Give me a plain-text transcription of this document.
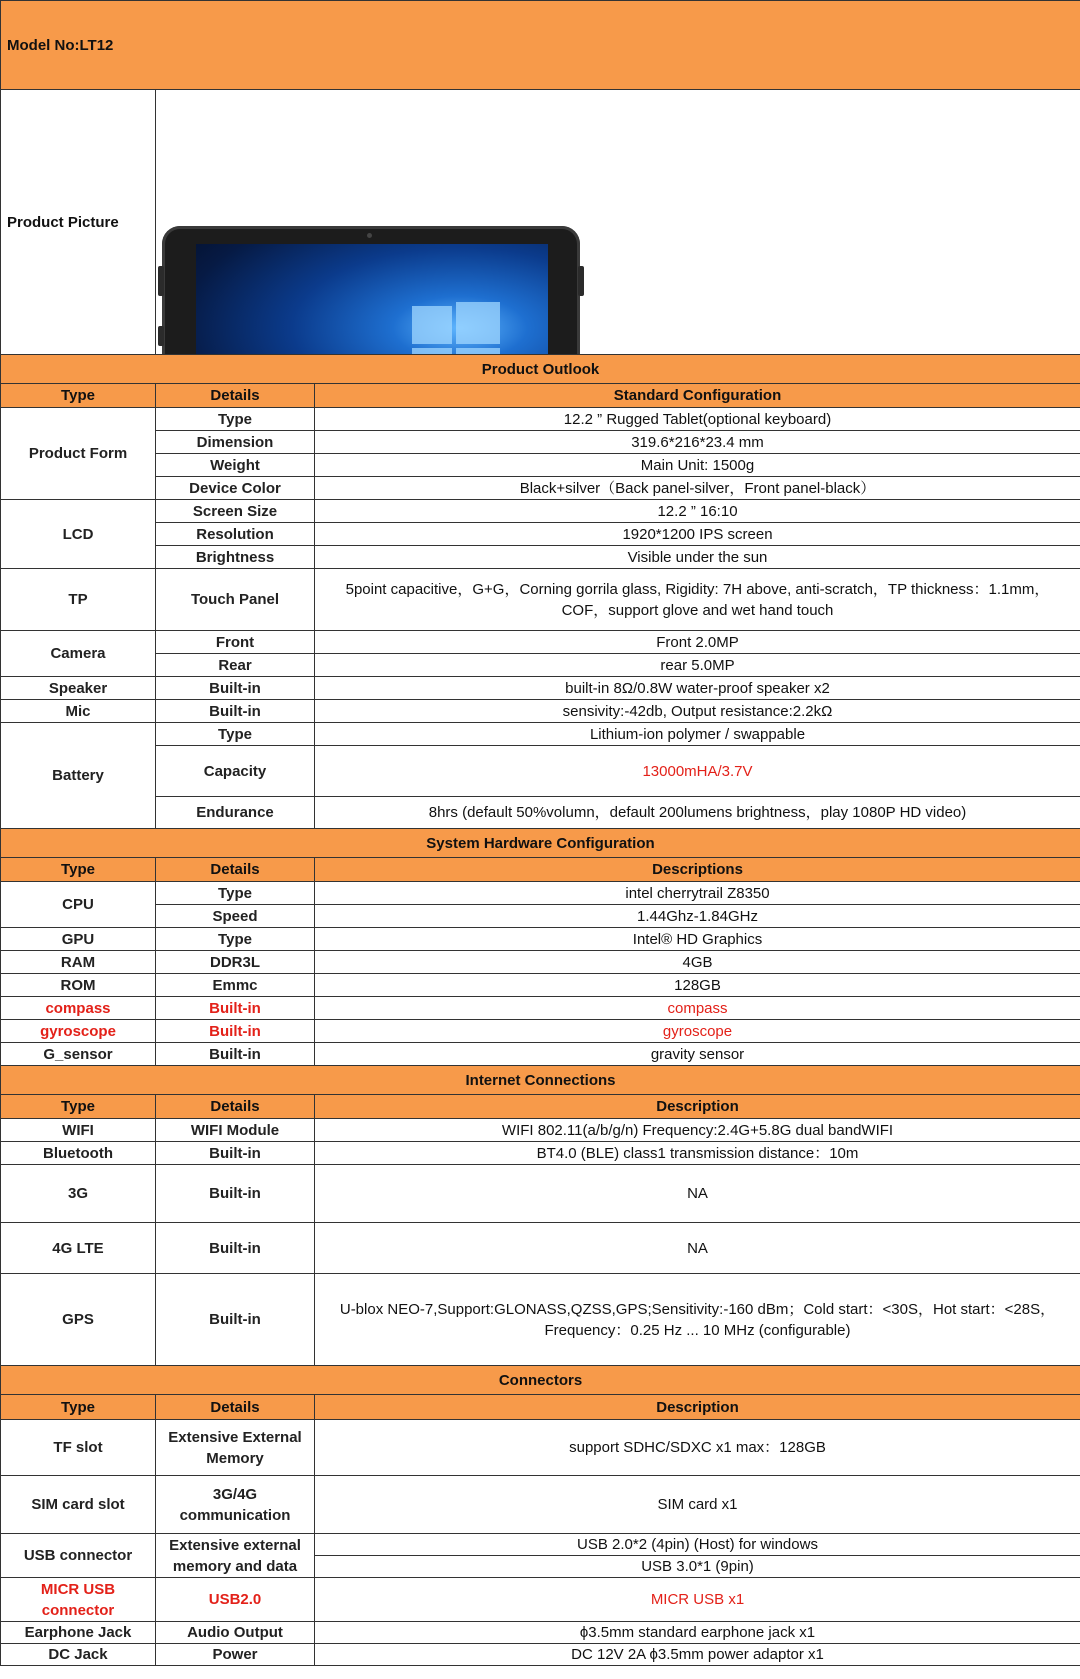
Model No:LT12		
Product Picture		

Product Outlook		
Type	Details	Standard Configuration
Product Form	Type	12.2 ” Rugged Tablet(optional keyboard)
	Dimension	319.6*216*23.4 mm
	Weight	Main Unit: 1500g
	Device Color	Black+silver（Back panel-silver，Front panel-black）
LCD	Screen Size	12.2 ” 16:10
	Resolution	1920*1200 IPS screen
	Brightness	Visible under the sun
TP	Touch Panel	5point capacitive，G+G，Corning gorrila glass, Rigidity: 7H above, anti-scratch，TP thickness：1.1mm，COF，support glove and wet hand touch
Camera	Front	Front 2.0MP
	Rear	rear 5.0MP
Speaker	Built-in	built-in 8Ω/0.8W water-proof speaker x2
Mic	Built-in	sensivity:-42db, Output resistance:2.2kΩ
Battery	Type	Lithium-ion polymer / swappable
	Capacity	13000mHA/3.7V
	Endurance	8hrs (default 50%volumn，default 200lumens brightness，play 1080P HD video)
System Hardware Configuration		
Type	Details	Descriptions
CPU	Type	intel cherrytrail Z8350
	Speed	1.44Ghz-1.84GHz
GPU	Type	Intel® HD Graphics
RAM	DDR3L	4GB
ROM	Emmc	128GB
compass	Built-in	compass
gyroscope	Built-in	gyroscope
G_sensor	Built-in	gravity sensor
Internet Connections		
Type	Details	Description
WIFI	WIFI Module	WIFI 802.11(a/b/g/n) Frequency:2.4G+5.8G dual bandWIFI
Bluetooth	Built-in	BT4.0 (BLE) class1 transmission distance：10m
3G	Built-in	NA
4G LTE	Built-in	NA
GPS	Built-in	U-blox NEO-7,Support:GLONASS,QZSS,GPS;Sensitivity:-160 dBm；Cold start：<30S，Hot start：<28S，Frequency：0.25 Hz ... 10 MHz (configurable)
Connectors		
Type	Details	Description
TF slot	Extensive External Memory	support SDHC/SDXC x1 max：128GB
SIM card slot	3G/4G communication	SIM card x1
USB connector	Extensive external memory and data	USB 2.0*2 (4pin) (Host) for windows
		USB 3.0*1 (9pin)
MICR USB connector	USB2.0	MICR USB x1
Earphone Jack	Audio Output	ϕ3.5mm standard earphone jack x1
DC Jack	Power	DC 12V 2A ϕ3.5mm power adaptor x1
